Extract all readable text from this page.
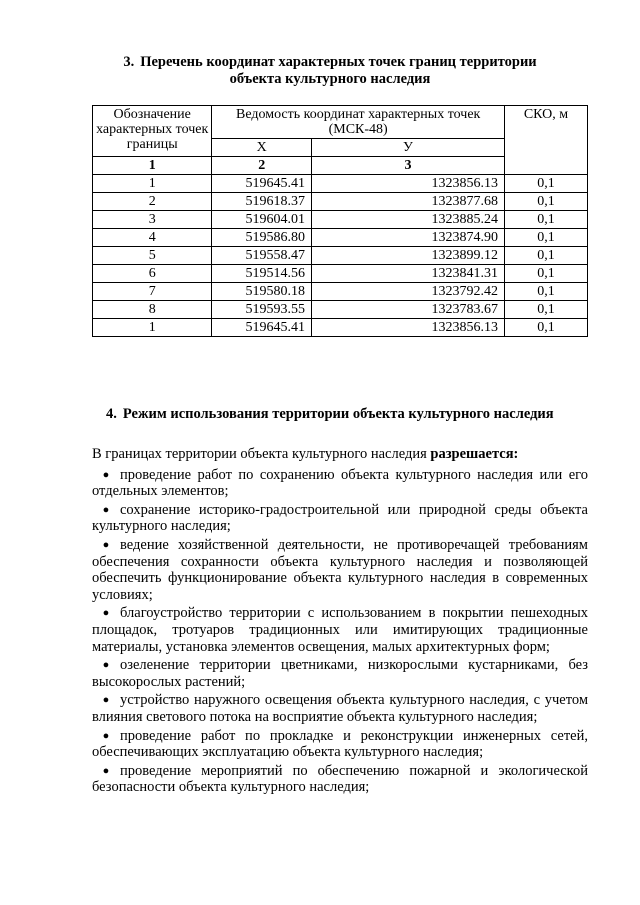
3. Перечень координат характерных точек границ территории
объекта культурного наследия
Обозначение характерных точек границы	Ведомость координат характерных точек (МСК-48)		СКО, м
	Х	У	
1	2	3	
1	519645.41	1323856.13	0,1
2	519618.37	1323877.68	0,1
3	519604.01	1323885.24	0,1
4	519586.80	1323874.90	0,1
5	519558.47	1323899.12	0,1
6	519514.56	1323841.31	0,1
7	519580.18	1323792.42	0,1
8	519593.55	1323783.67	0,1
1	519645.41	1323856.13	0,1
4. Режим использования территории объекта культурного наследия

В границах территории объекта культурного наследия разрешается:

● проведение работ по сохранению объекта культурного наследия или его отдельных элементов;
● сохранение историко-градостроительной или природной среды объекта культурного наследия;
● ведение хозяйственной деятельности, не противоречащей требованиям обеспечения сохранности объекта культурного наследия и позволяющей обеспечить функционирование объекта культурного наследия в современных условиях;
● благоустройство территории с использованием в покрытии пешеходных площадок, тротуаров традиционных или имитирующих традиционные материалы, установка элементов освещения, малых архитектурных форм;
● озеленение территории цветниками, низкорослыми кустарниками, без высокорослых растений;
● устройство наружного освещения объекта культурного наследия, с учетом влияния светового потока на восприятие объекта культурного наследия;
● проведение работ по прокладке и реконструкции инженерных сетей, обеспечивающих эксплуатацию объекта культурного наследия;
● проведение мероприятий по обеспечению пожарной и экологической безопасности объекта культурного наследия;
